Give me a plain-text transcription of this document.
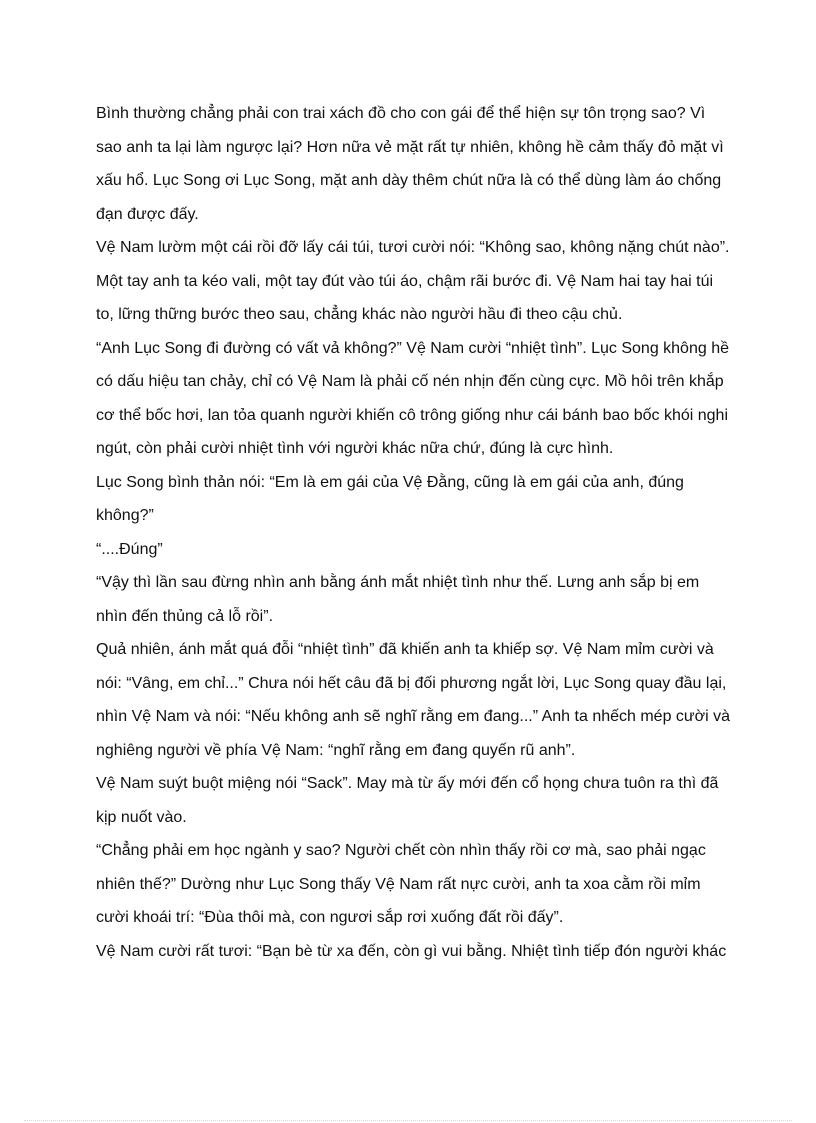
Bình thường chẳng phải con trai xách đồ cho con gái để thể hiện sự tôn trọng sao? Vì sao anh ta lại làm ngược lại? Hơn nữa vẻ mặt rất tự nhiên, không hề cảm thấy đỏ mặt vì xấu hổ. Lục Song ơi Lục Song, mặt anh dày thêm chút nữa là có thể dùng làm áo chống đạn được đấy.

Vệ Nam lườm một cái rồi đỡ lấy cái túi, tươi cười nói: “Không sao, không nặng chút nào”.

Một tay anh ta kéo vali, một tay đút vào túi áo, chậm rãi bước đi. Vệ Nam hai tay hai túi to, lững thững bước theo sau, chẳng khác nào người hầu đi theo cậu chủ.

“Anh Lục Song đi đường có vất vả không?” Vệ Nam cười “nhiệt tình”. Lục Song không hề có dấu hiệu tan chảy, chỉ có Vệ Nam là phải cố nén nhịn đến cùng cực. Mồ hôi trên khắp cơ thể bốc hơi, lan tỏa quanh người khiến cô trông giống như cái bánh bao bốc khói nghi ngút, còn phải cười nhiệt tình với người khác nữa chứ, đúng là cực hình.

Lục Song bình thản nói: “Em là em gái của Vệ Đằng, cũng là em gái của anh, đúng không?”

“....Đúng”

“Vậy thì lần sau đừng nhìn anh bằng ánh mắt nhiệt tình như thế. Lưng anh sắp bị em nhìn đến thủng cả lỗ rồi”.

Quả nhiên, ánh mắt quá đỗi “nhiệt tình” đã khiến anh ta khiếp sợ. Vệ Nam mỉm cười và nói: “Vâng, em chỉ...” Chưa nói hết câu đã bị đối phương ngắt lời, Lục Song quay đầu lại, nhìn Vệ Nam và nói: “Nếu không anh sẽ nghĩ rằng em đang...” Anh ta nhếch mép cười và nghiêng người về phía Vệ Nam: “nghĩ rằng em đang quyến rũ anh”.

Vệ Nam suýt buột miệng nói “Sack”. May mà từ ấy mới đến cổ họng chưa tuôn ra thì đã kịp nuốt vào.

“Chẳng phải em học ngành y sao? Người chết còn nhìn thấy rồi cơ mà, sao phải ngạc nhiên thế?” Dường như Lục Song thấy Vệ Nam rất nực cười, anh ta xoa cằm rồi mỉm cười khoái trí: “Đùa thôi mà, con ngươi sắp rơi xuống đất rồi đấy”.

Vệ Nam cười rất tươi: “Bạn bè từ xa đến, còn gì vui bằng. Nhiệt tình tiếp đón người khác
